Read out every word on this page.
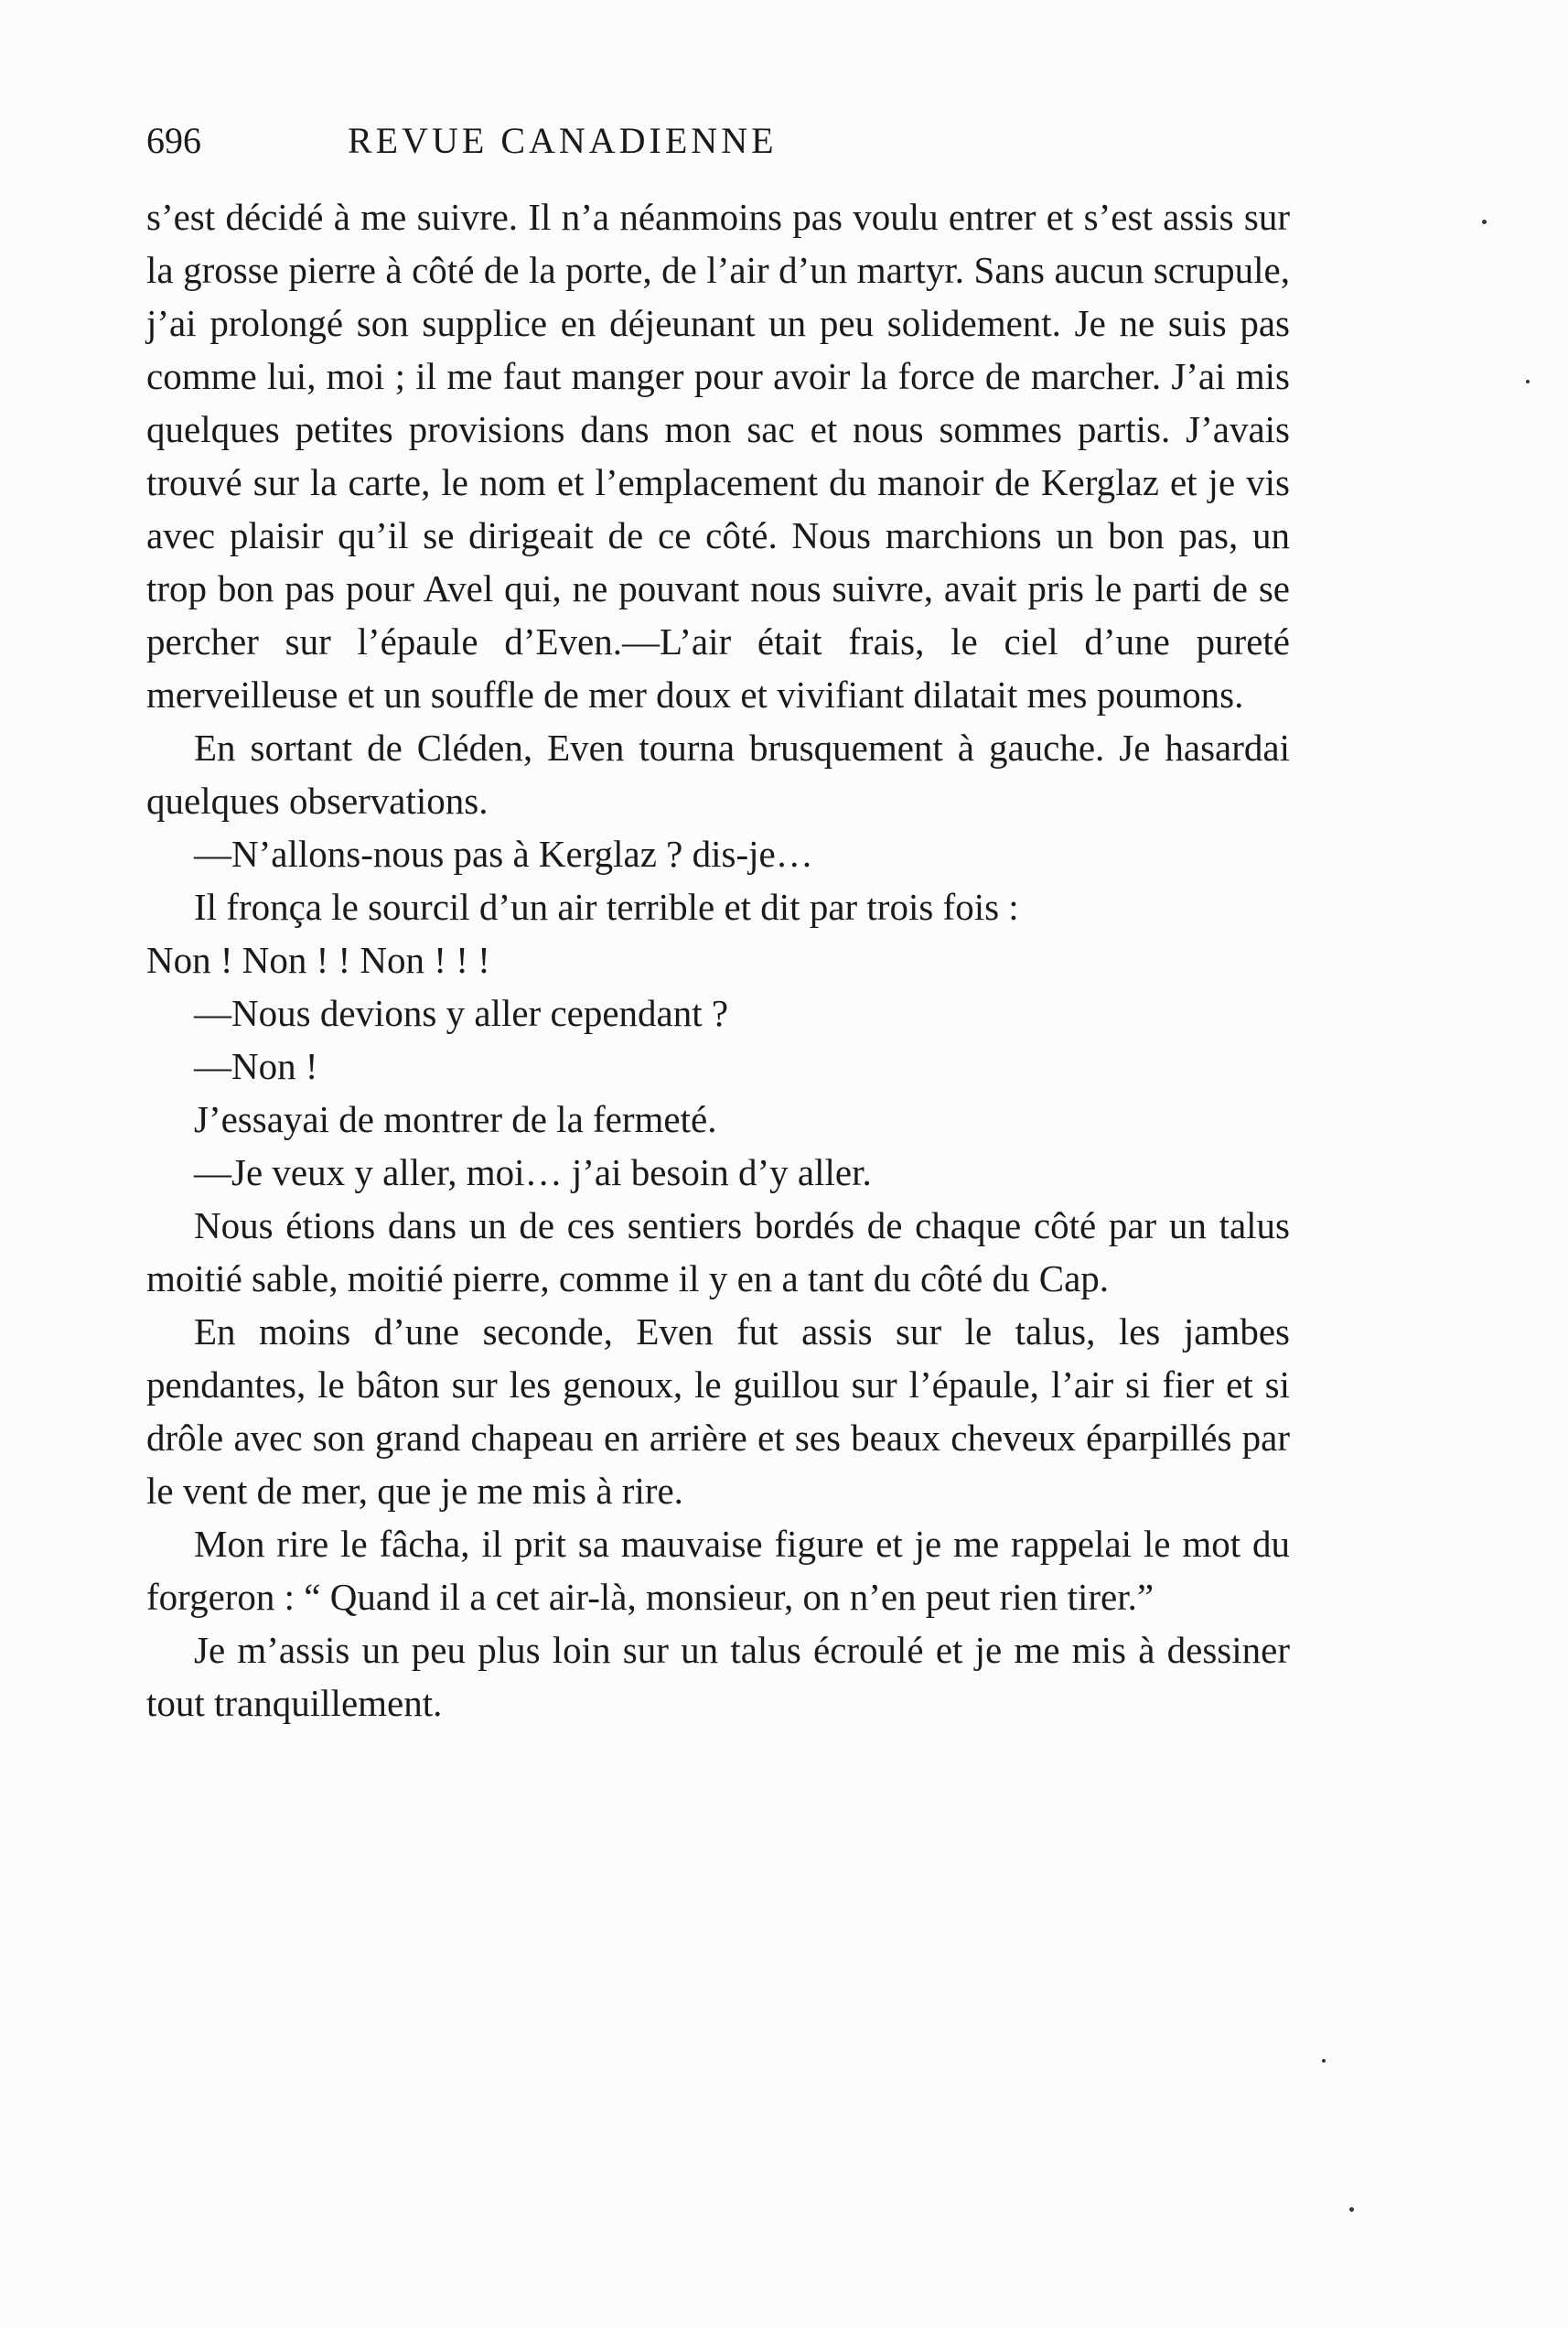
696	REVUE CANADIENNE

s’est décidé à me suivre. Il n’a néanmoins pas voulu entrer et s’est assis sur la grosse pierre à côté de la porte, de l’air d’un martyr. Sans aucun scrupule, j’ai prolongé son supplice en déjeunant un peu solidement. Je ne suis pas comme lui, moi ; il me faut manger pour avoir la force de marcher. J’ai mis quelques petites provisions dans mon sac et nous sommes partis. J’avais trouvé sur la carte, le nom et l’emplacement du manoir de Kerglaz et je vis avec plaisir qu’il se dirigeait de ce côté. Nous marchions un bon pas, un trop bon pas pour Avel qui, ne pouvant nous suivre, avait pris le parti de se percher sur l’épaule d’Even.—L’air était frais, le ciel d’une pureté merveilleuse et un souffle de mer doux et vivifiant dilatait mes poumons.

En sortant de Cléden, Even tourna brusquement à gauche. Je hasardai quelques observations.

—N’allons-nous pas à Kerglaz ? dis-je…

Il fronça le sourcil d’un air terrible et dit par trois fois :

Non ! Non ! ! Non ! ! !

—Nous devions y aller cependant ?

—Non !

J’essayai de montrer de la fermeté.

—Je veux y aller, moi… j’ai besoin d’y aller.

Nous étions dans un de ces sentiers bordés de chaque côté par un talus moitié sable, moitié pierre, comme il y en a tant du côté du Cap.

En moins d’une seconde, Even fut assis sur le talus, les jambes pendantes, le bâton sur les genoux, le guillou sur l’épaule, l’air si fier et si drôle avec son grand chapeau en arrière et ses beaux cheveux éparpillés par le vent de mer, que je me mis à rire.

Mon rire le fâcha, il prit sa mauvaise figure et je me rappelai le mot du forgeron : “ Quand il a cet air-là, monsieur, on n’en peut rien tirer.”

Je m’assis un peu plus loin sur un talus écroulé et je me mis à dessiner tout tranquillement.
